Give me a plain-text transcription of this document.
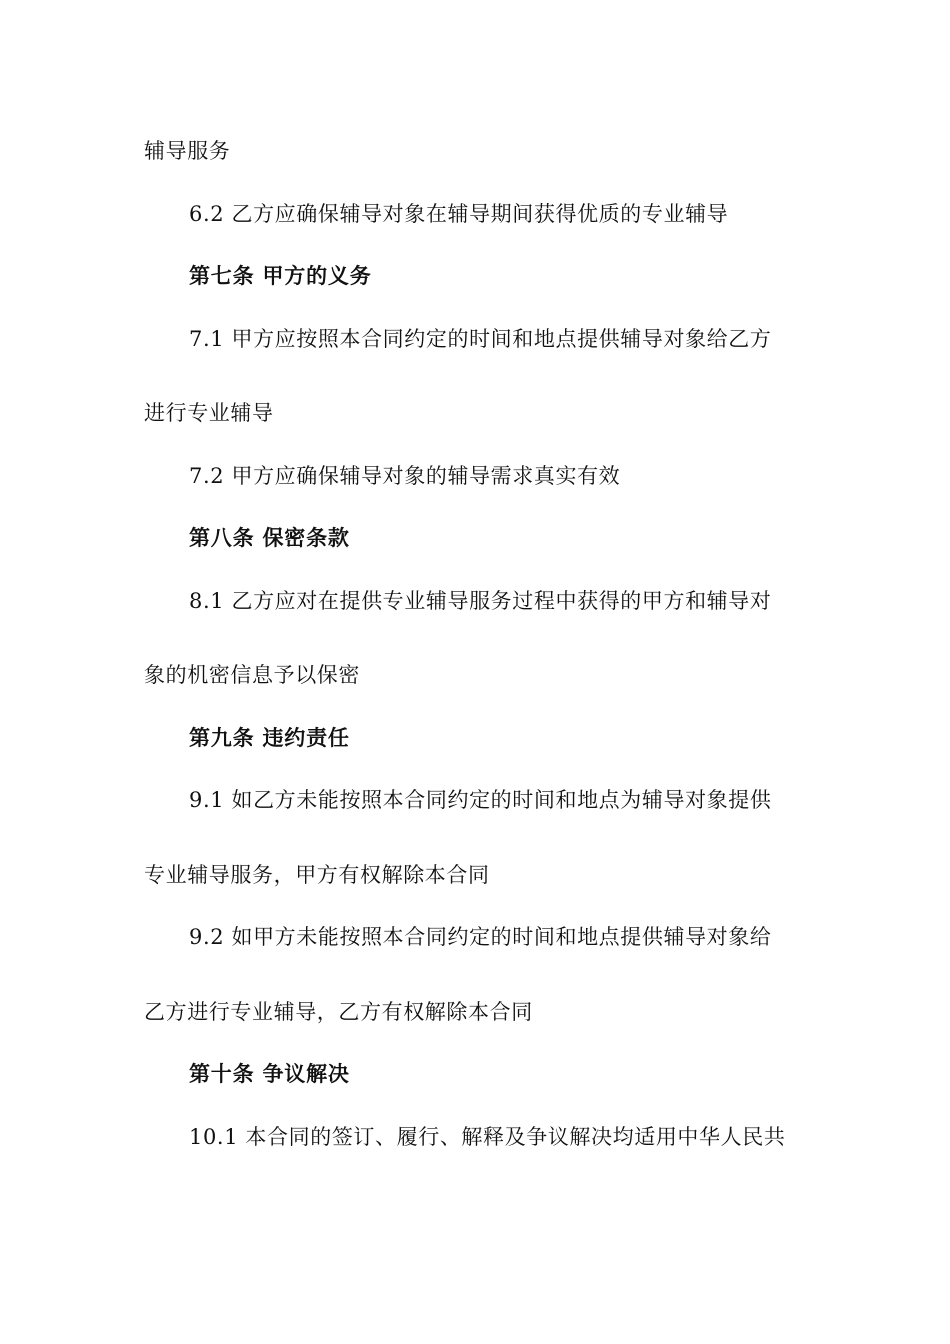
辅导服务
6.2 乙方应确保辅导对象在辅导期间获得优质的专业辅导
第七条 甲方的义务
7.1 甲方应按照本合同约定的时间和地点提供辅导对象给乙方
进行专业辅导
7.2 甲方应确保辅导对象的辅导需求真实有效
第八条 保密条款
8.1 乙方应对在提供专业辅导服务过程中获得的甲方和辅导对
象的机密信息予以保密
第九条 违约责任
9.1 如乙方未能按照本合同约定的时间和地点为辅导对象提供
专业辅导服务，甲方有权解除本合同
9.2 如甲方未能按照本合同约定的时间和地点提供辅导对象给
乙方进行专业辅导，乙方有权解除本合同
第十条 争议解决
10.1 本合同的签订、履行、解释及争议解决均适用中华人民共
